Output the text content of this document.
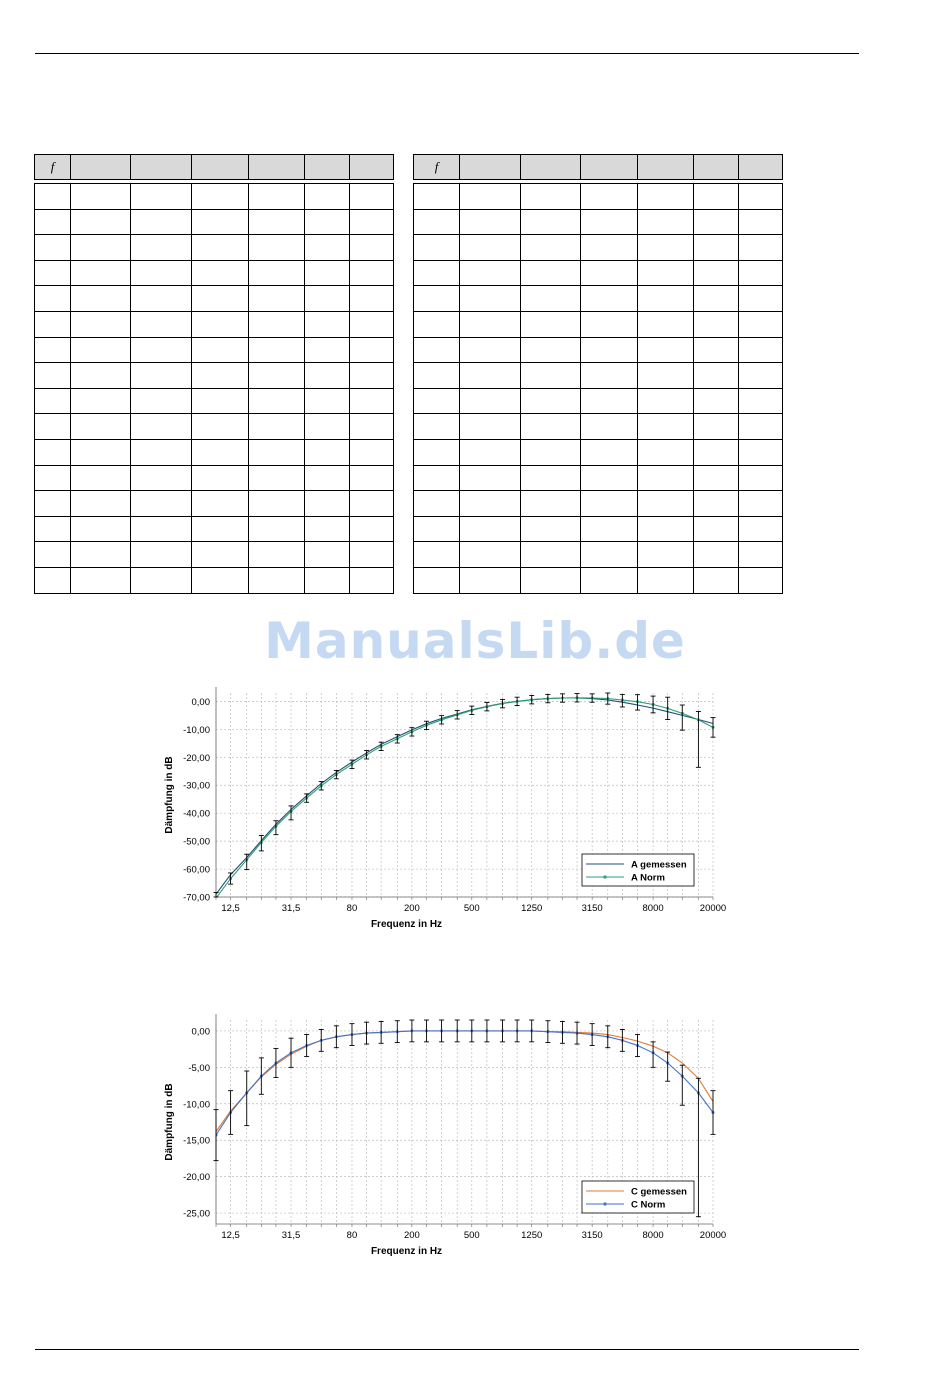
f						

							f						

ManualsLib.de
0,00
-10,00
-20,00
-30,00
-40,00
-50,00
-60,00
-70,00
12,5	31,5	80	200	500	1250	3150	8000	20000
Frequenz in Hz
Dämpfung in dB
A gemessen
A Norm
0,00
-5,00
-10,00
-15,00
-20,00
-25,00
12,5	31,5	80	200	500	1250	3150	8000	20000
Frequenz in Hz
Dämpfung in dB
C gemessen
C Norm
